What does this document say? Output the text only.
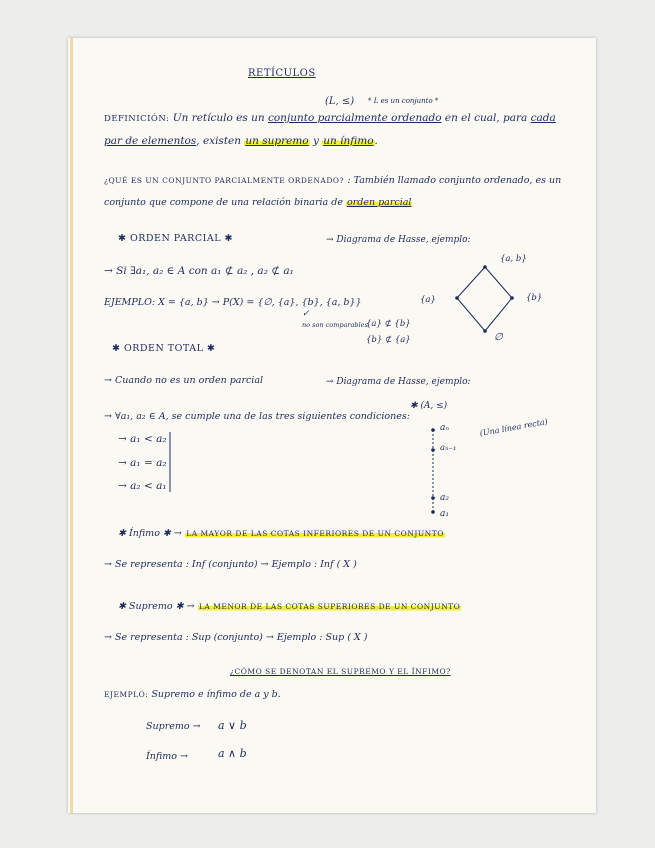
RETÍCULOS
(L, ≤) * L es un conjunto *
DEFINICIÓN: Un retículo es un conjunto parcialmente ordenado en el cual, para cada
par de elementos, existen un supremo y un ínfimo.
¿QUÉ ES UN CONJUNTO PARCIALMENTE ORDENADO? : También llamado conjunto ordenado, es un
conjunto que compone de una relación binaria de orden parcial
✱ ORDEN PARCIAL ✱	→ Diagrama de Hasse, ejemplo:
→ Si ∃a₁, a₂ ∈ A con a₁ ⊄ a₂ , a₂ ⊄ a₁
EJEMPLO: X = {a, b} → P(X) = {∅, {a}, {b}, {a, b}}
✓
no son comparables
{a} ⊄ {b}
{b} ⊄ {a}
{a, b}
{a}	{b}
∅
✱ ORDEN TOTAL ✱
→ Cuando no es un orden parcial	→ Diagrama de Hasse, ejemplo:
✱ (A, ≤)
→ ∀a₁, a₂ ∈ A, se cumple una de las tres siguientes condiciones:
→ a₁ < a₂
→ a₁ = a₂
→ a₂ < a₁
aₙ
aₙ₋₁
a₂
a₁
(Una línea recta)
✱ Ínfimo ✱ → LA MAYOR DE LAS COTAS INFERIORES DE UN CONJUNTO
→ Se representa : Inf (conjunto) → Ejemplo : Inf ( X )
✱ Supremo ✱ → LA MENOR DE LAS COTAS SUPERIORES DE UN CONJUNTO
→ Se representa : Sup (conjunto) → Ejemplo : Sup ( X )
¿CÓMO SE DENOTAN EL SUPREMO Y EL ÍNFIMO?
EJEMPLO: Supremo e ínfimo de a y b.
Supremo → a ∨ b
Ínfimo →	a ∧ b
